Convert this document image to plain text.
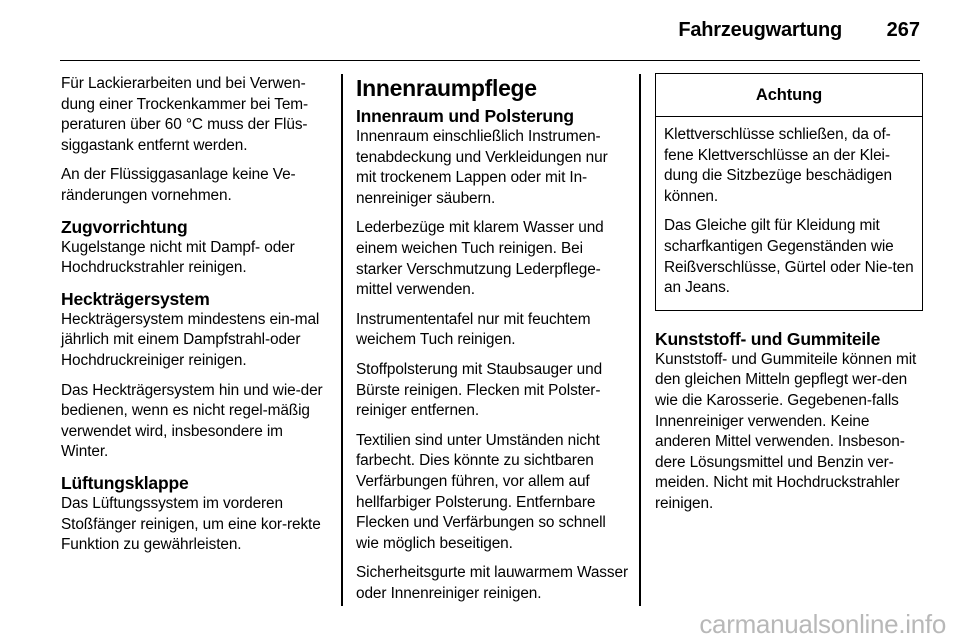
Fahrzeugwartung 267

Für Lackierarbeiten und bei Verwen-dung einer Trockenkammer bei Tem-peraturen über 60 °C muss der Flüs-siggastank entfernt werden.

An der Flüssiggasanlage keine Ve-ränderungen vornehmen.

Zugvorrichtung

Kugelstange nicht mit Dampf- oder Hochdruckstrahler reinigen.

Heckträgersystem

Heckträgersystem mindestens ein-mal jährlich mit einem Dampfstrahl-oder Hochdruckreiniger reinigen.

Das Heckträgersystem hin und wie-der bedienen, wenn es nicht regel-mäßig verwendet wird, insbesondere im Winter.

Lüftungsklappe

Das Lüftungssystem im vorderen Stoßfänger reinigen, um eine kor-rekte Funktion zu gewährleisten.

Innenraumpflege
Innenraum und Polsterung

Innenraum einschließlich Instrumen-tenabdeckung und Verkleidungen nur mit trockenem Lappen oder mit In-nenreiniger säubern.

Lederbezüge mit klarem Wasser und einem weichen Tuch reinigen. Bei starker Verschmutzung Lederpflege-mittel verwenden.

Instrumententafel nur mit feuchtem weichem Tuch reinigen.

Stoffpolsterung mit Staubsauger und Bürste reinigen. Flecken mit Polster-reiniger entfernen.

Textilien sind unter Umständen nicht farbecht. Dies könnte zu sichtbaren Verfärbungen führen, vor allem auf hellfarbiger Polsterung. Entfernbare Flecken und Verfärbungen so schnell wie möglich beseitigen.

Sicherheitsgurte mit lauwarmem Wasser oder Innenreiniger reinigen.

Achtung

Klettverschlüsse schließen, da of-fene Klettverschlüsse an der Klei-dung die Sitzbezüge beschädigen können.

Das Gleiche gilt für Kleidung mit scharfkantigen Gegenständen wie Reißverschlüsse, Gürtel oder Nie-ten an Jeans.

Kunststoff- und Gummiteile

Kunststoff- und Gummiteile können mit den gleichen Mitteln gepflegt wer-den wie die Karosserie. Gegebenen-falls Innenreiniger verwenden. Keine anderen Mittel verwenden. Insbeson-dere Lösungsmittel und Benzin ver-meiden. Nicht mit Hochdruckstrahler reinigen.

carmanualsonline.info
